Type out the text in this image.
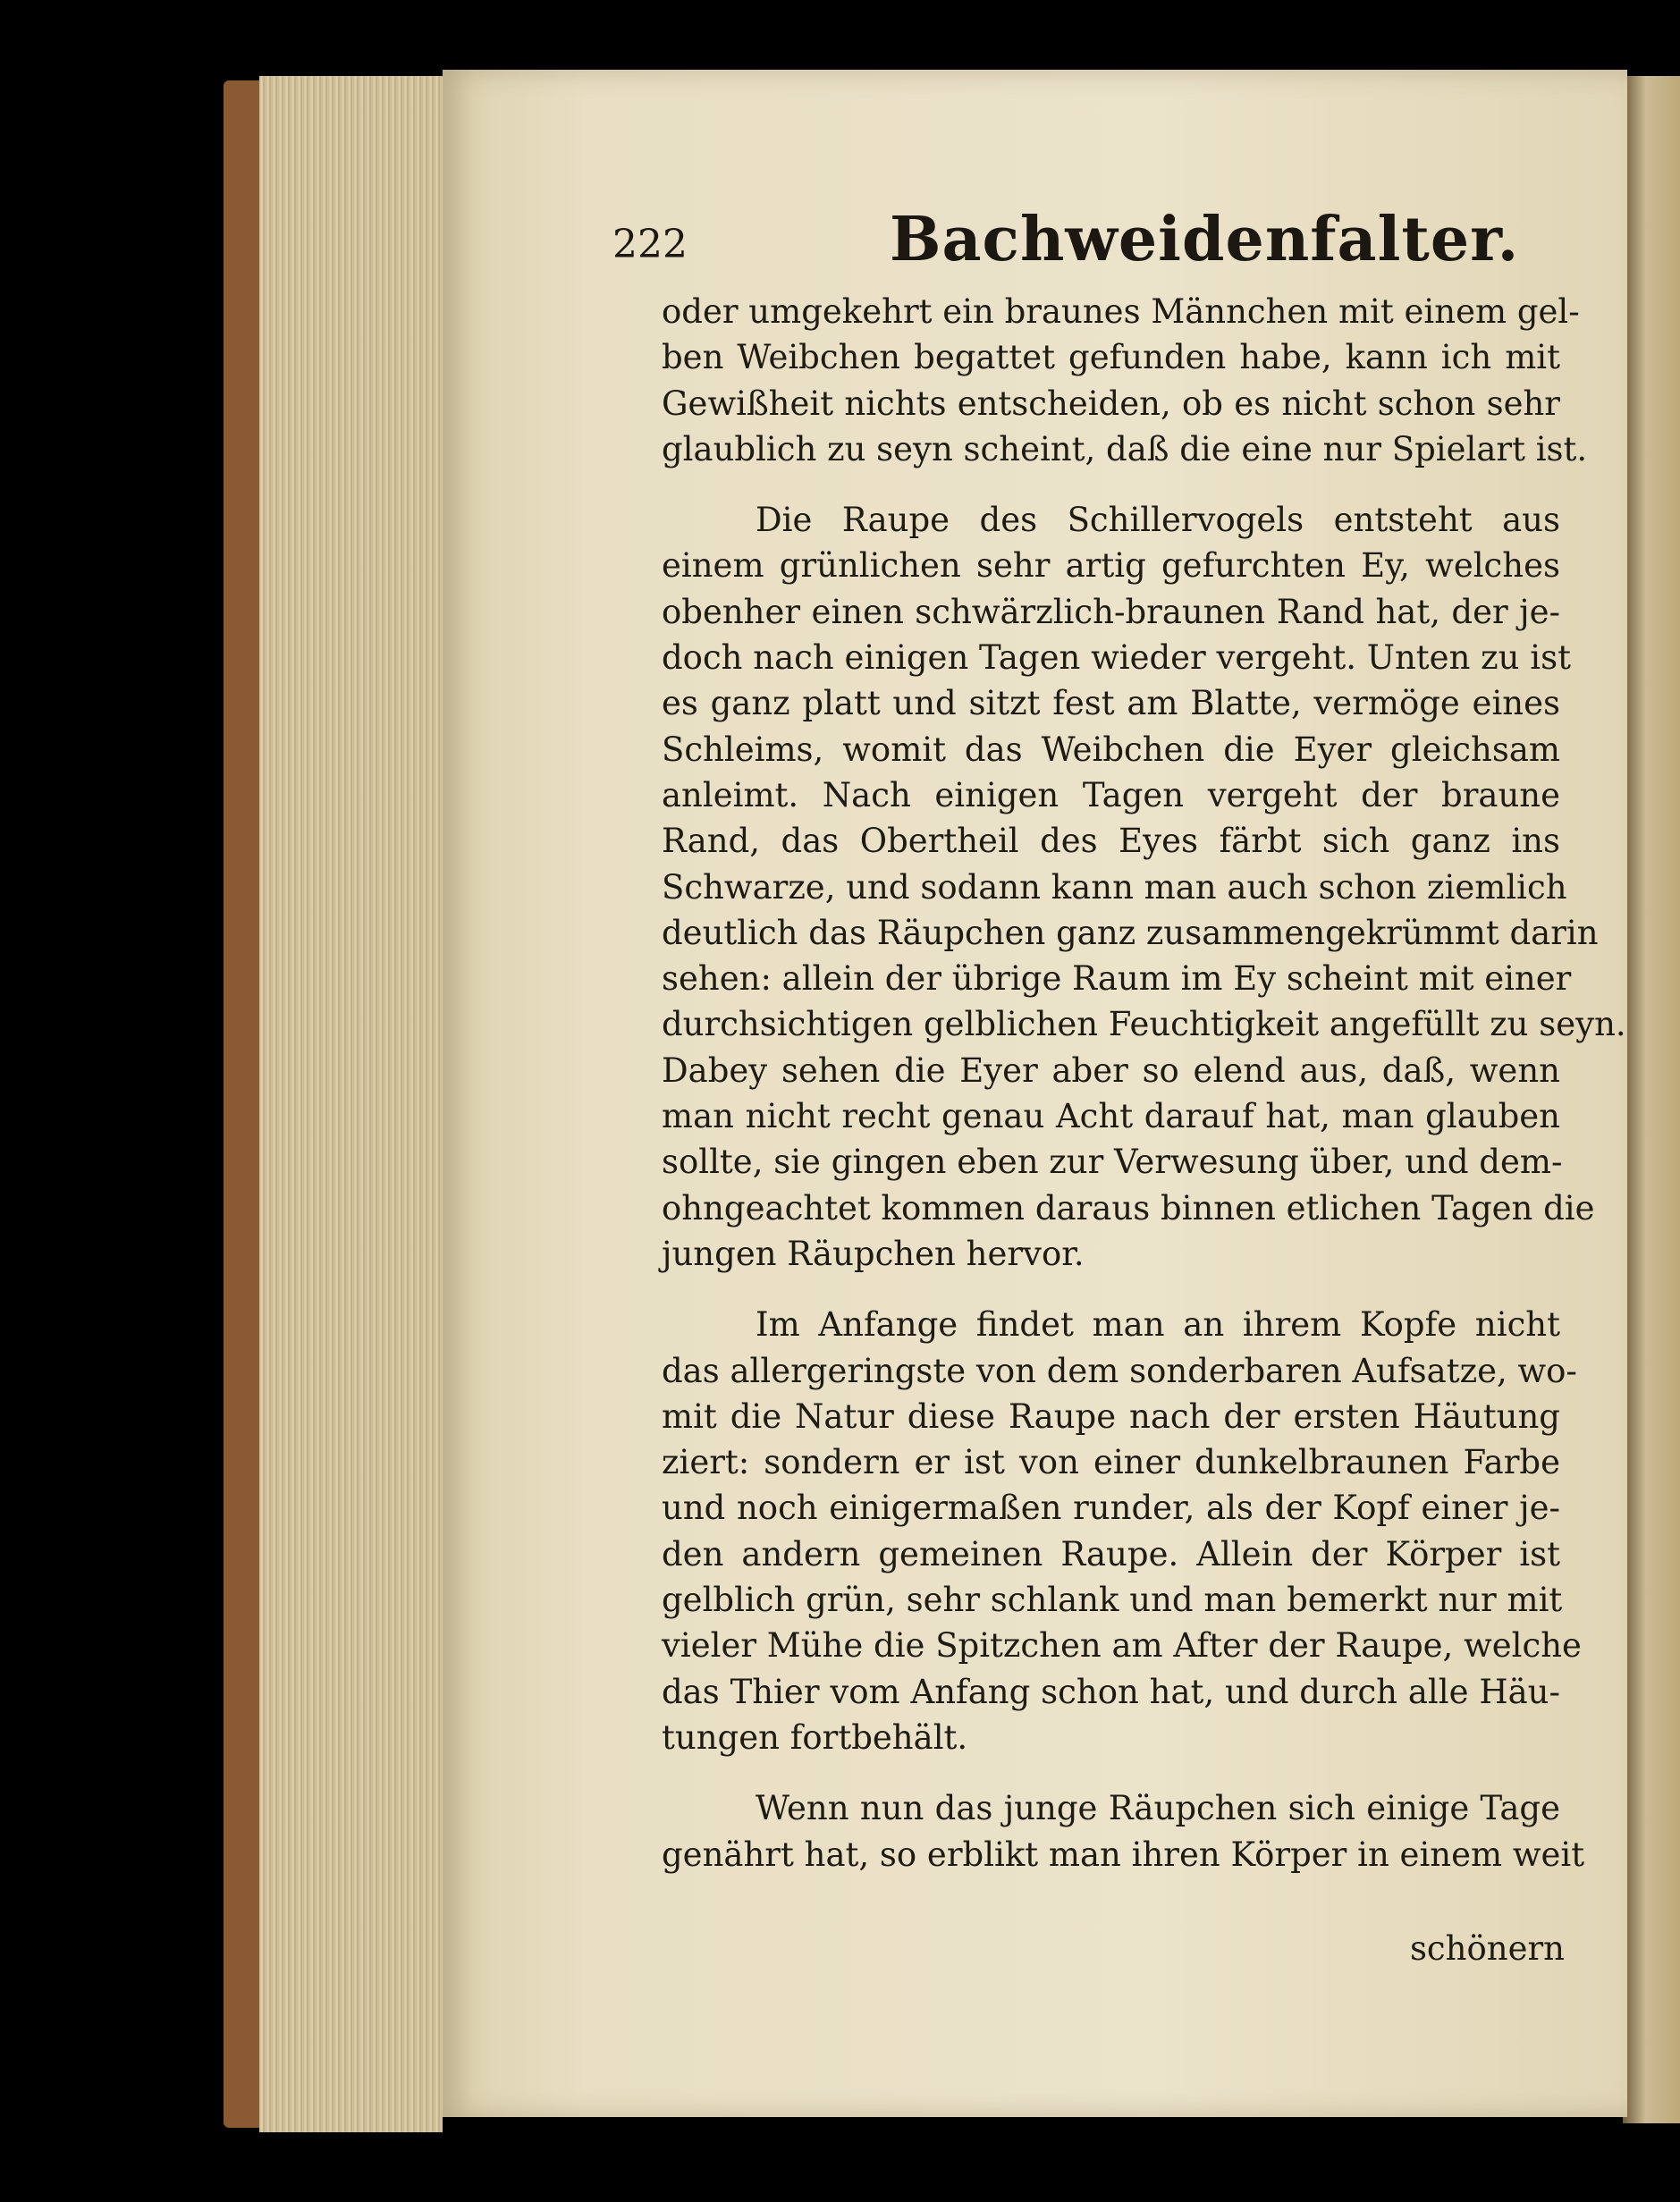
222	Bachweidenfalter.

oder umgekehrt ein braunes Männchen mit einem gel-
ben Weibchen begattet gefunden habe, kann ich mit
Gewißheit nichts entscheiden, ob es nicht schon sehr
glaublich zu seyn scheint, daß die eine nur Spielart ist.

Die Raupe des Schillervogels entsteht aus
einem grünlichen sehr artig gefurchten Ey, welches
obenher einen schwärzlich-braunen Rand hat, der je-
doch nach einigen Tagen wieder vergeht. Unten zu ist
es ganz platt und sitzt fest am Blatte, vermöge eines
Schleims, womit das Weibchen die Eyer gleichsam
anleimt. Nach einigen Tagen vergeht der braune
Rand, das Obertheil des Eyes färbt sich ganz ins
Schwarze, und sodann kann man auch schon ziemlich
deutlich das Räupchen ganz zusammengekrümmt darin
sehen: allein der übrige Raum im Ey scheint mit einer
durchsichtigen gelblichen Feuchtigkeit angefüllt zu seyn.
Dabey sehen die Eyer aber so elend aus, daß, wenn
man nicht recht genau Acht darauf hat, man glauben
sollte, sie gingen eben zur Verwesung über, und dem-
ohngeachtet kommen daraus binnen etlichen Tagen die
jungen Räupchen hervor.

Im Anfange findet man an ihrem Kopfe nicht
das allergeringste von dem sonderbaren Aufsatze, wo-
mit die Natur diese Raupe nach der ersten Häutung
ziert: sondern er ist von einer dunkelbraunen Farbe
und noch einigermaßen runder, als der Kopf einer je-
den andern gemeinen Raupe. Allein der Körper ist
gelblich grün, sehr schlank und man bemerkt nur mit
vieler Mühe die Spitzchen am After der Raupe, welche
das Thier vom Anfang schon hat, und durch alle Häu-
tungen fortbehält.

Wenn nun das junge Räupchen sich einige Tage
genährt hat, so erblikt man ihren Körper in einem weit

schönern
